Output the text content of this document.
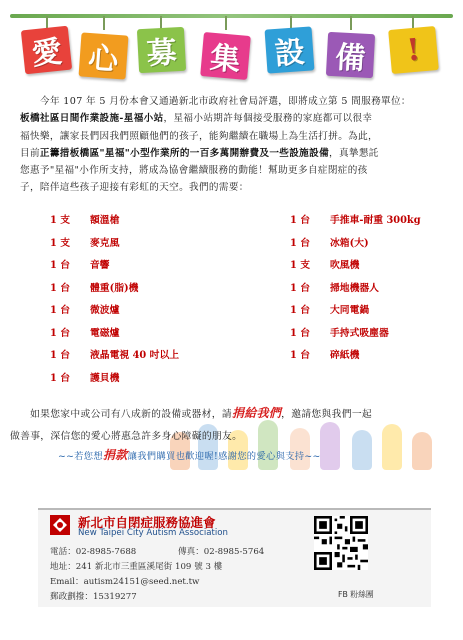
愛 心 募 集 設 備 !
今年 107 年 5 月份本會又通過新北市政府社會局評選，即將成立第 5 間服務單位：
板橋社區日間作業設施-星福小站，星福小站期許每個接受服務的家庭都可以很幸
福快樂，讓家長們因我們照顧他們的孩子，能夠繼續在職場上為生活打拼。為此，
目前正籌措板橋區"星福"小型作業所的一百多萬開辦費及一些設施設備，真摯懇託
您惠予"星福"小作所支持，將成為協會繼續服務的動能！幫助更多自症閉症的孩
子，陪伴這些孩子迎接有彩虹的天空。我們的需要：
1 支 額溫槍
1 支 麥克風
1 台 音響
1 台 體重(脂)機
1 台 微波爐
1 台 電磁爐
1 台 液晶電視 40 吋以上
1 台 護貝機
1 台 手推車-耐重 300kg
1 台 冰箱(大)
1 支 吹風機
1 台 掃地機器人
1 台 大同電鍋
1 台 手持式吸塵器
1 台 碎紙機
如果您家中或公司有八成新的設備或器材，請捐給我們，邀請您與我們一起
做善事，深信您的愛心將惠急許多身心障礙的朋友。
~~若您想捐款讓我們購買也歡迎喔!感謝您的愛心與支持~~
新北市自閉症服務協進會
New Taipei City Autism Association
電話：02-8985-7688	傳真：02-8985-5764
地址：241 新北市三重區溪尾街 109 號 3 樓
Email：autism24151@seed.net.tw
郵政劃撥：15319277	FB 粉絲團
